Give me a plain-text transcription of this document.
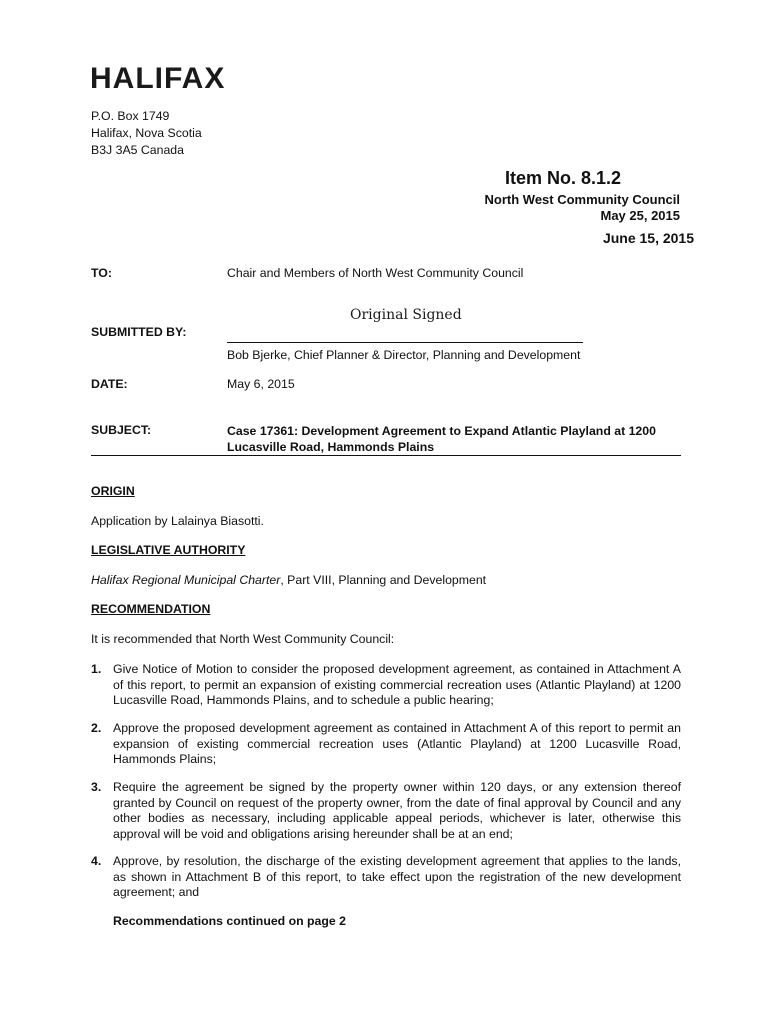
HALIFAX
P.O. Box 1749
Halifax, Nova Scotia
B3J 3A5 Canada
Item No. 8.1.2
North West Community Council
May 25, 2015
June 15, 2015
TO:	Chair and Members of North West Community Council
Original Signed
SUBMITTED BY:
Bob Bjerke, Chief Planner & Director, Planning and Development
DATE:	May 6, 2015
SUBJECT:	Case 17361: Development Agreement to Expand Atlantic Playland at 1200 Lucasville Road, Hammonds Plains
ORIGIN
Application by Lalainya Biasotti.
LEGISLATIVE AUTHORITY
Halifax Regional Municipal Charter, Part VIII, Planning and Development
RECOMMENDATION
It is recommended that North West Community Council:
1. Give Notice of Motion to consider the proposed development agreement, as contained in Attachment A of this report, to permit an expansion of existing commercial recreation uses (Atlantic Playland) at 1200 Lucasville Road, Hammonds Plains, and to schedule a public hearing;
2. Approve the proposed development agreement as contained in Attachment A of this report to permit an expansion of existing commercial recreation uses (Atlantic Playland) at 1200 Lucasville Road, Hammonds Plains;
3. Require the agreement be signed by the property owner within 120 days, or any extension thereof granted by Council on request of the property owner, from the date of final approval by Council and any other bodies as necessary, including applicable appeal periods, whichever is later, otherwise this approval will be void and obligations arising hereunder shall be at an end;
4. Approve, by resolution, the discharge of the existing development agreement that applies to the lands, as shown in Attachment B of this report, to take effect upon the registration of the new development agreement; and
Recommendations continued on page 2
